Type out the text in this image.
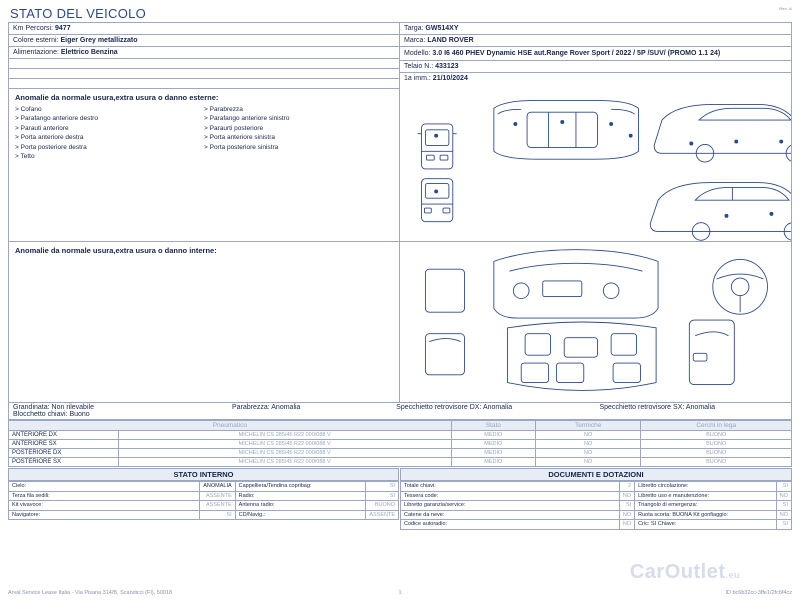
Rev. A
STATO DEL VEICOLO
Km Percorsi: 9477
Colore esterni: Eiger Grey metallizzato
Alimentazione: Elettrico Benzina
Targa: GW514XY
Marca: LAND ROVER
Modello: 3.0 I6 460 PHEV Dynamic HSE aut.Range Rover Sport / 2022 / 5P /SUV/ (PROMO 1.1 24)
Telaio N.: 433123
1a imm.: 21/10/2024
Anomalie da normale usura,extra usura o danno esterne:
> Cofano
> Parafango anteriore destro
> Parauti anteriore
> Porta anteriore destra
> Porta posteriore destra
> Tetto
> Parabrezza
> Parafango anteriore sinistro
> Paraurti posteriore
> Porta anteriore sinistra
> Porta posteriore sinistra
Anomalie da normale usura,extra usura o danno interne:
Grandinata: Non rilevabile
Blocchetto chiavi: Buono
Parabrezza: Anomalia	Specchietto retrovisore DX: Anomalia	Specchietto retrovisore SX: Anomalia
Pneumatico		Stato	Termiche	Cerchi in lega
ANTERIORE DX	MICHELIN CS 285/45 R22 000/088 V	MEDIO	NO	BUONO
ANTERIORE SX	MICHELIN CS 285/45 R22 000/088 V	MEDIO	NO	BUONO
POSTERIORE DX	MICHELIN CS 285/45 R22 000/088 V	MEDIO	NO	BUONO
POSTERIORE SX	MICHELIN CS 285/45 R22 000/088 V	MEDIO	NO	BUONO
STATO INTERNO
Cielo:	ANOMALIA	Cappelliera/Tendina copribag:	SI
Terza fila sedili:	ASSENTE	Radio:	SI
Kit vivavoce:	ASSENTE	Antenna radio:	BUONO
Navigatore:	SI	CD/Navig.:	ASSENTE
DOCUMENTI E DOTAZIONI
Totale chiavi:	2	Libretto circolazione:	SI
Tessera code:	NO	Libretto uso e manutenzione:	NO
Libretto garanzia/service:	SI	Triangolo di emergenza:	SI
Catene da neve:	NO	Ruota scorta: BUONA Kit gonfiaggio:	NO
Codice autoradio:	NO	Cric: SI Chiave:	SI
CarOutlet.eu
Arval Service Lease Italia - Via Pisana 314/B, Scandicci (FI), 50018	1	ID bc6b32cc-3ffe1/2fc6f4cz
